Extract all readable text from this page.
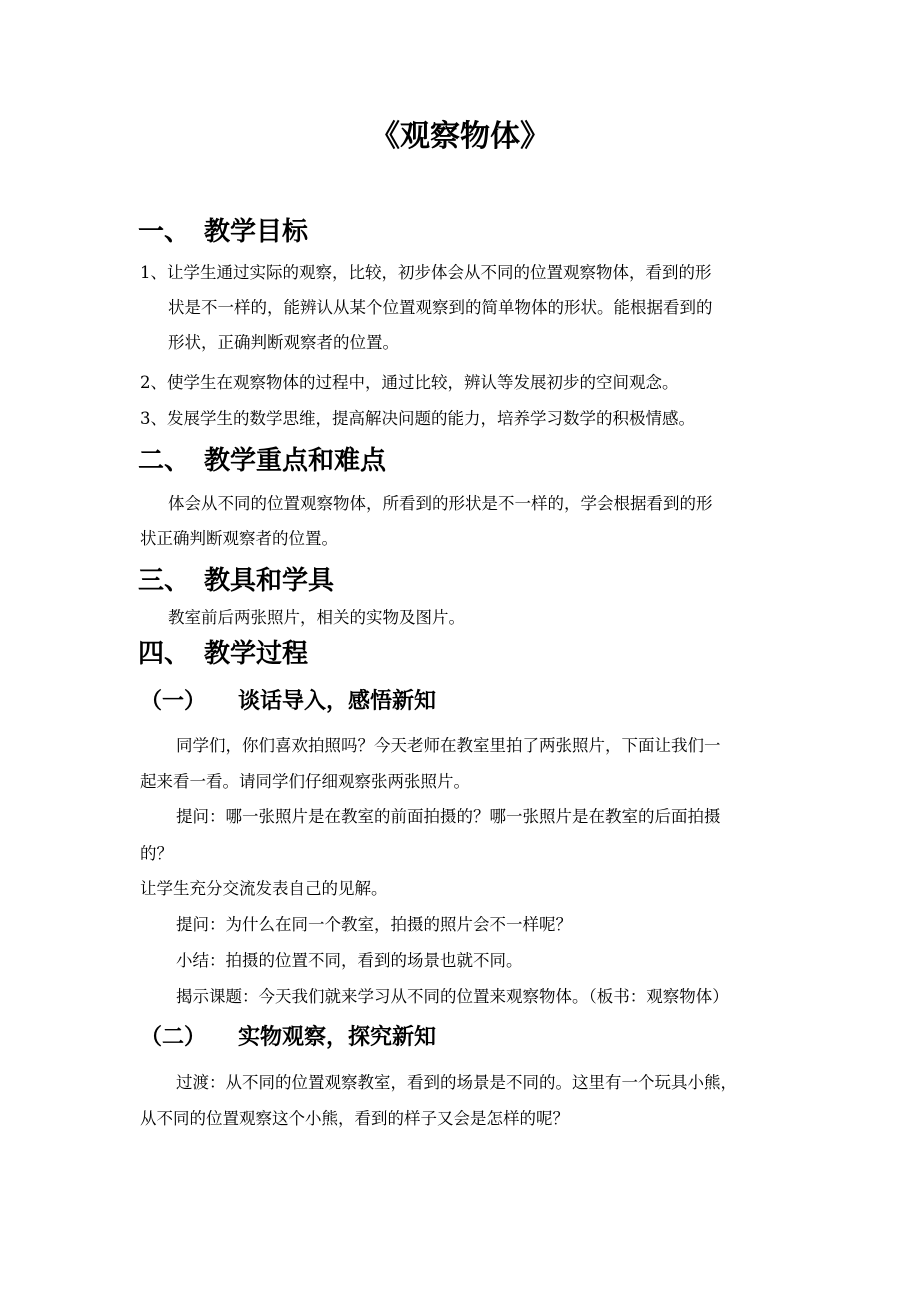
《观察物体》
一、 教学目标
1、让学生通过实际的观察，比较，初步体会从不同的位置观察物体，看到的形
状是不一样的，能辨认从某个位置观察到的简单物体的形状。能根据看到的
形状，正确判断观察者的位置。
2、使学生在观察物体的过程中，通过比较，辨认等发展初步的空间观念。
3、发展学生的数学思维，提高解决问题的能力，培养学习数学的积极情感。
二、 教学重点和难点

体会从不同的位置观察物体，所看到的形状是不一样的，学会根据看到的形

状正确判断观察者的位置。

三、 教具和学具

教室前后两张照片，相关的实物及图片。

四、 教学过程
（一） 谈话导入，感悟新知

同学们，你们喜欢拍照吗？今天老师在教室里拍了两张照片，下面让我们一

起来看一看。请同学们仔细观察张两张照片。

提问：哪一张照片是在教室的前面拍摄的？哪一张照片是在教室的后面拍摄

的？

让学生充分交流发表自己的见解。

提问：为什么在同一个教室，拍摄的照片会不一样呢？

小结：拍摄的位置不同，看到的场景也就不同。

揭示课题：今天我们就来学习从不同的位置来观察物体。（板书：观察物体）

（二） 实物观察，探究新知

过渡：从不同的位置观察教室，看到的场景是不同的。这里有一个玩具小熊，

从不同的位置观察这个小熊，看到的样子又会是怎样的呢？
